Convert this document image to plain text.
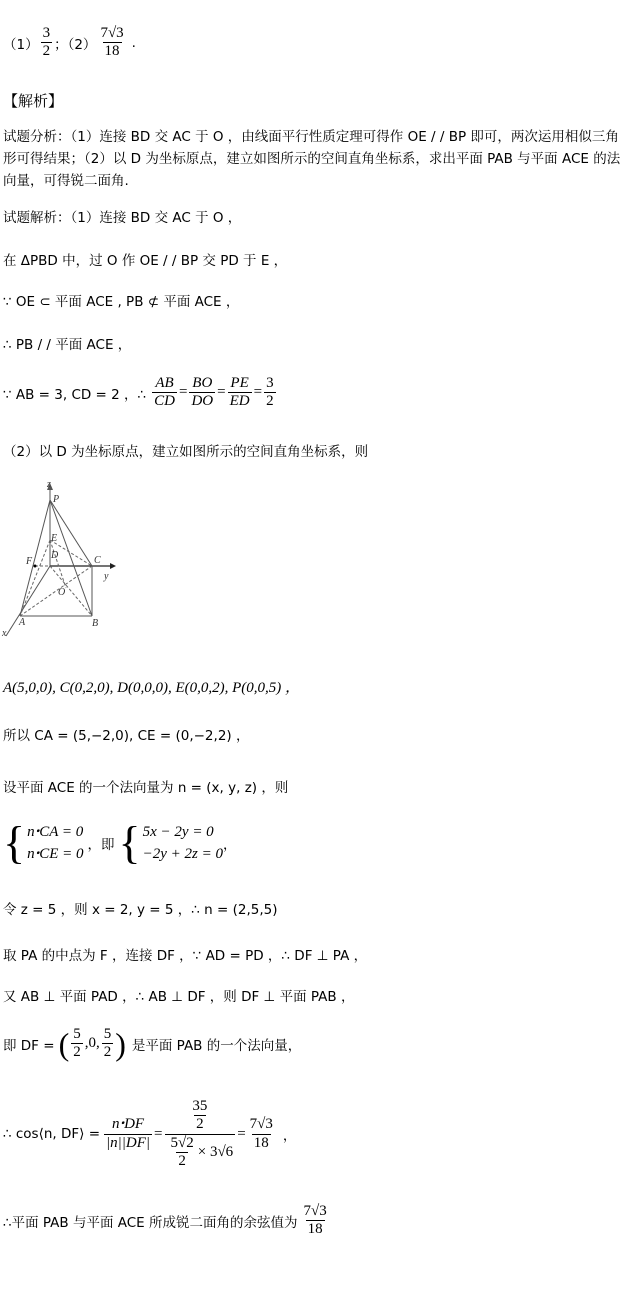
$(1) \frac{3}{2}$ ；$(2) \frac{7√3}{18}$ .
【解析】
试题分析：（1）连接 BD 交 AC 于 O ，由线面平行性质定理可得作 OE / / BP 即可，两次运用相似三角形可得结果；（2）以 D 为坐标原点，建立如图所示的空间直角坐标系，求出平面 PAB 与平面 ACE 的法向量，可得锐二面角.
试题解析：（1）连接 BD 交 AC 于 O ，
在 ΔPBD 中，过 O 作 OE / / BP 交 PD 于 E ，
∵ OE ⊂ 平面 ACE , PB ⊄ 平面 ACE ，
∴ PB / / 平面 ACE ，
∵ AB = 3, CD = 2 ，∴ $\frac{AB}{CD} = \frac{BO}{DO} = \frac{PE}{ED} = \frac{3}{2}$
（2）以 D 为坐标原点，建立如图所示的空间直角坐标系，则
z
P
E
F
D	C
y
O
A	B
x
A(5,0,0), C(0,2,0), D(0,0,0), E(0,0,2), P(0,0,5) ，
所以 CA = (5,−2,0), CE = (0,−2,2) ，
设平面 ACE 的一个法向量为 n = (x, y, z) ，则
{ nꞏCA = 0
nꞏCE = 0
，即 { 5x − 2y = 0
−2y + 2z = 0
，
令 z = 5 ，则 x = 2, y = 5 ，∴ n = (2,5,5)
取 PA 的中点为 F ，连接 DF ，∵ AD = PD ，∴ DF ⊥ PA ，
又 AB ⊥ 平面 PAD ，∴ AB ⊥ DF ，则 DF ⊥ 平面 PAB ，
即 DF = ( $\frac{5}{2}$ , 0 , $\frac{5}{2}$ ) 是平面 PAB 的一个法向量，
∴ cos⟨n, DF⟩ = $\frac{\text{nꞏDF}}{|n||DF|} = \frac{\frac{35}{2}}{\frac{5√2}{2} \times 3√6} = \frac{7√3}{18}$ ，
∴平面 PAB 与平面 ACE 所成锐二面角的余弦值为 $\frac{7√3}{18}$
